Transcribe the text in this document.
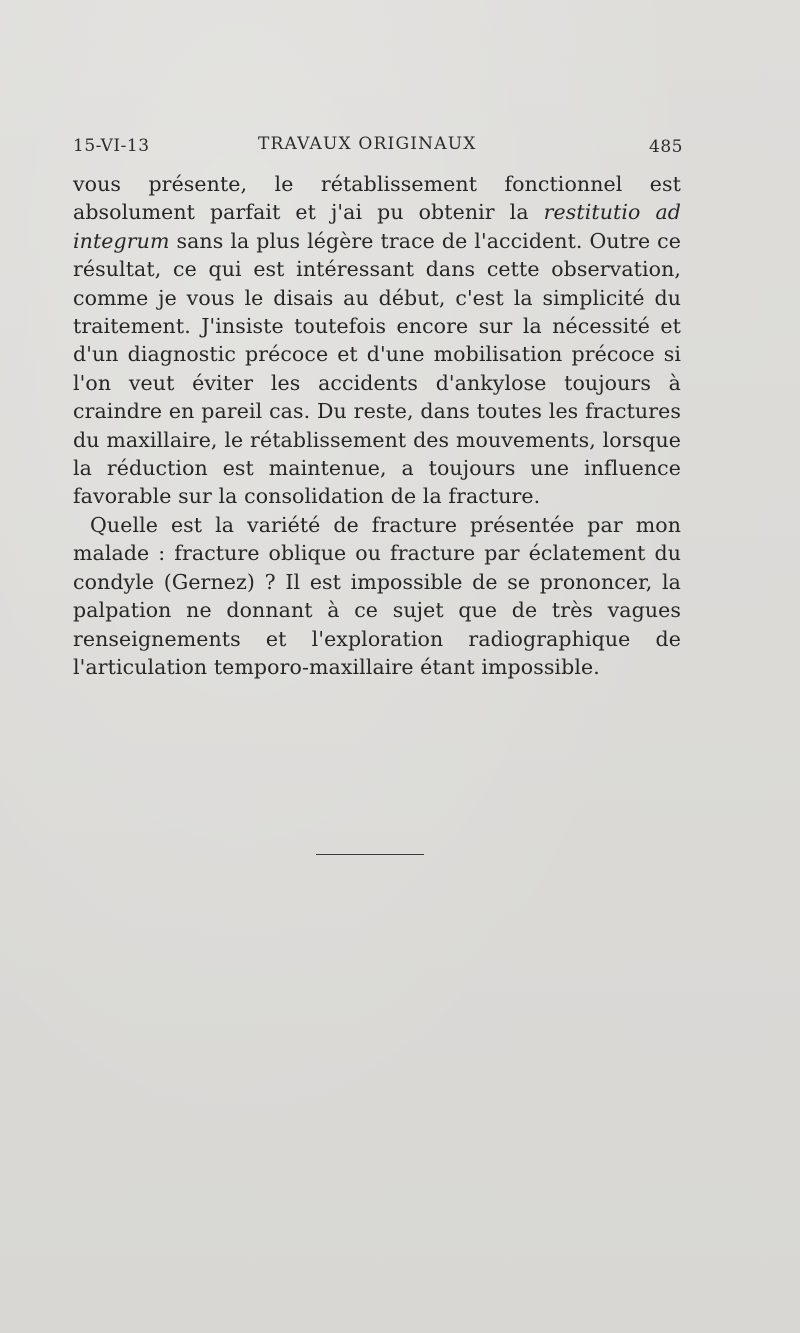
15-VI-13	TRAVAUX ORIGINAUX	485

vous présente, le rétablissement fonctionnel est absolument parfait et j'ai pu obtenir la restitutio ad integrum sans la plus légère trace de l'accident. Outre ce résultat, ce qui est intéressant dans cette observation, comme je vous le disais au début, c'est la simplicité du traitement. J'insiste toutefois encore sur la nécessité et d'un diagnostic précoce et d'une mobilisation précoce si l'on veut éviter les accidents d'ankylose toujours à craindre en pareil cas. Du reste, dans toutes les fractures du maxillaire, le rétablissement des mouvements, lorsque la réduction est maintenue, a toujours une influence favorable sur la consolidation de la fracture.

Quelle est la variété de fracture présentée par mon malade : fracture oblique ou fracture par éclatement du condyle (Gernez) ? Il est impossible de se prononcer, la palpation ne donnant à ce sujet que de très vagues renseignements et l'exploration radiographique de l'articulation temporo-maxillaire étant impossible.
